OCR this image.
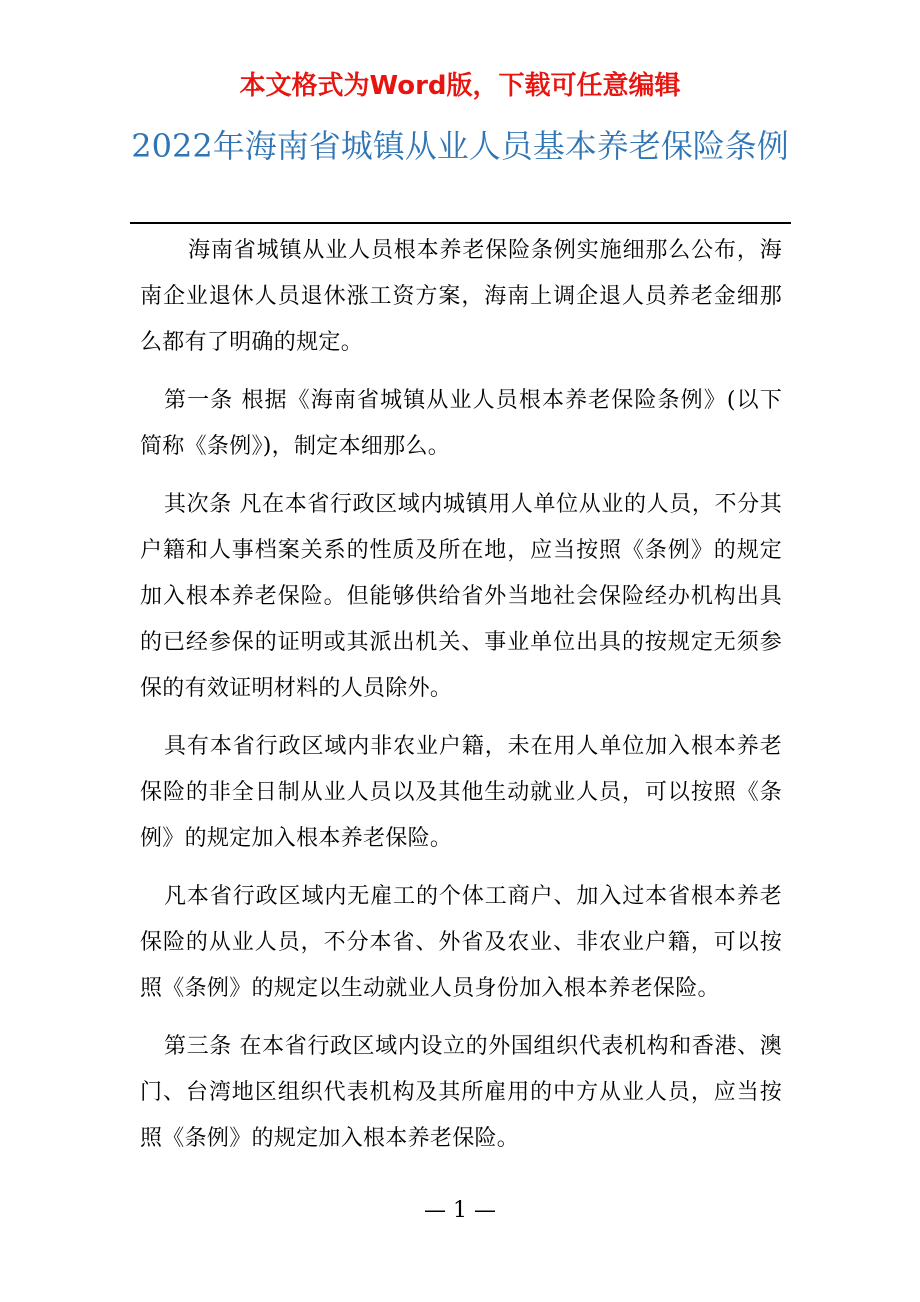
本文格式为Word版，下载可任意编辑
2022年海南省城镇从业人员基本养老保险条例

海南省城镇从业人员根本养老保险条例实施细那么公布，海南企业退休人员退休涨工资方案，海南上调企退人员养老金细那么都有了明确的规定。

第一条 根据《海南省城镇从业人员根本养老保险条例》(以下简称《条例》)，制定本细那么。

其次条 凡在本省行政区域内城镇用人单位从业的人员，不分其户籍和人事档案关系的性质及所在地，应当按照《条例》的规定加入根本养老保险。但能够供给省外当地社会保险经办机构出具的已经参保的证明或其派出机关、事业单位出具的按规定无须参保的有效证明材料的人员除外。

具有本省行政区域内非农业户籍，未在用人单位加入根本养老保险的非全日制从业人员以及其他生动就业人员，可以按照《条例》的规定加入根本养老保险。

凡本省行政区域内无雇工的个体工商户、加入过本省根本养老保险的从业人员，不分本省、外省及农业、非农业户籍，可以按照《条例》的规定以生动就业人员身份加入根本养老保险。

第三条 在本省行政区域内设立的外国组织代表机构和香港、澳门、台湾地区组织代表机构及其所雇用的中方从业人员，应当按照《条例》的规定加入根本养老保险。

— 1 —
